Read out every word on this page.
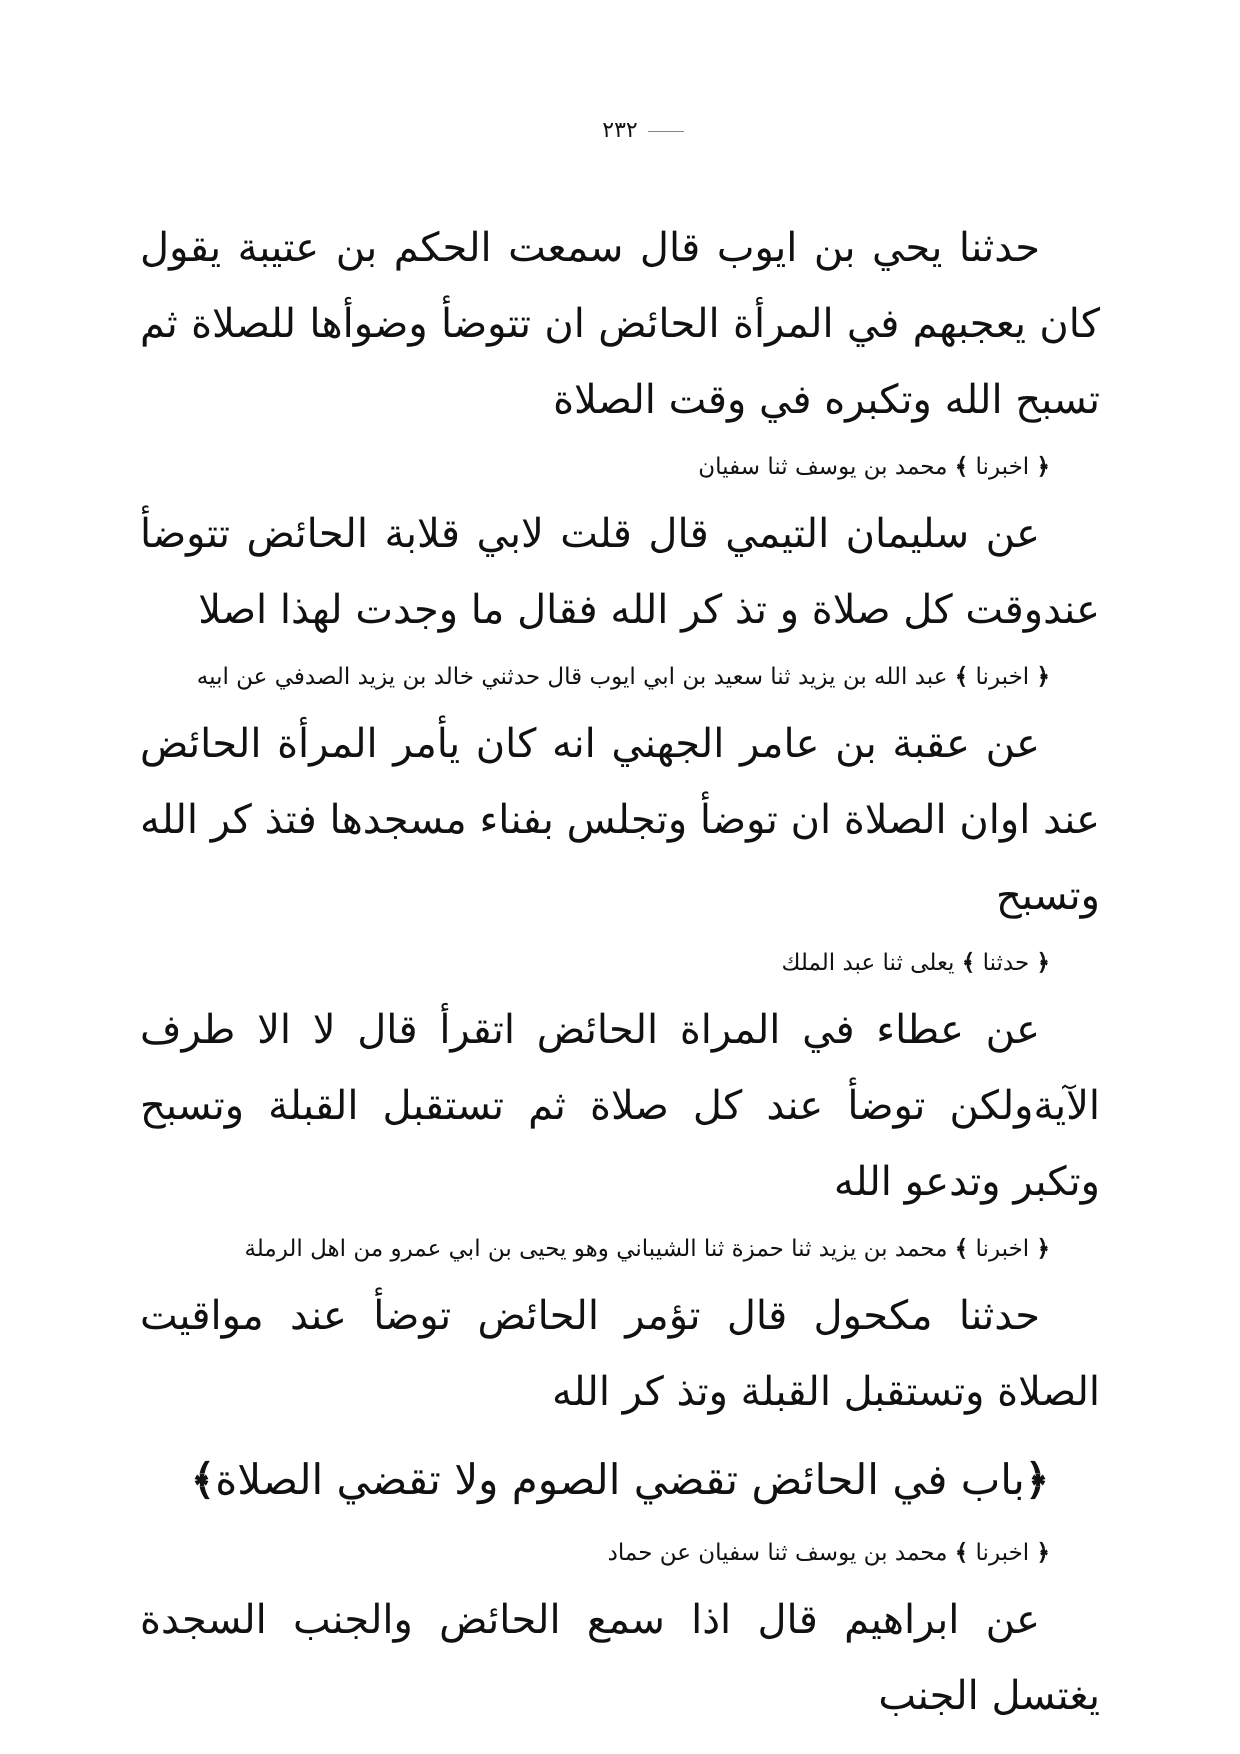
٢٣٢

حدثنا يحي بن ايوب قال سمعت الحكم بن عتيبة يقول كان يعجبهم في المرأة الحائض ان تتوضأ وضوأها للصلاة ثم تسبح الله وتكبره في وقت الصلاة

﴿ اخبرنا ﴾ محمد بن يوسف ثنا سفيان

عن سليمان التيمي قال قلت لابي قلابة الحائض تتوضأ عندوقت كل صلاة و تذ كر الله فقال ما وجدت لهذا اصلا

﴿ اخبرنا ﴾ عبد الله بن يزيد ثنا سعيد بن ابي ايوب قال حدثني خالد بن يزيد الصدفي عن ابيه

عن عقبة بن عامر الجهني انه كان يأمر المرأة الحائض عند اوان الصلاة ان توضأ وتجلس بفناء مسجدها فتذ كر الله وتسبح

﴿ حدثنا ﴾ يعلى ثنا عبد الملك

عن عطاء في المراة الحائض اتقرأ قال لا الا طرف الآيةولكن توضأ عند كل صلاة ثم تستقبل القبلة وتسبح وتكبر وتدعو الله

﴿ اخبرنا ﴾ محمد بن يزيد ثنا حمزة ثنا الشيباني وهو يحيى بن ابي عمرو من اهل الرملة

حدثنا مكحول قال تؤمر الحائض توضأ عند مواقيت الصلاة وتستقبل القبلة وتذ كر الله

﴿باب في الحائض تقضي الصوم ولا تقضي الصلاة﴾
﴿ اخبرنا ﴾ محمد بن يوسف ثنا سفيان عن حماد

عن ابراهيم قال اذا سمع الحائض والجنب السجدة يغتسل الجنب
